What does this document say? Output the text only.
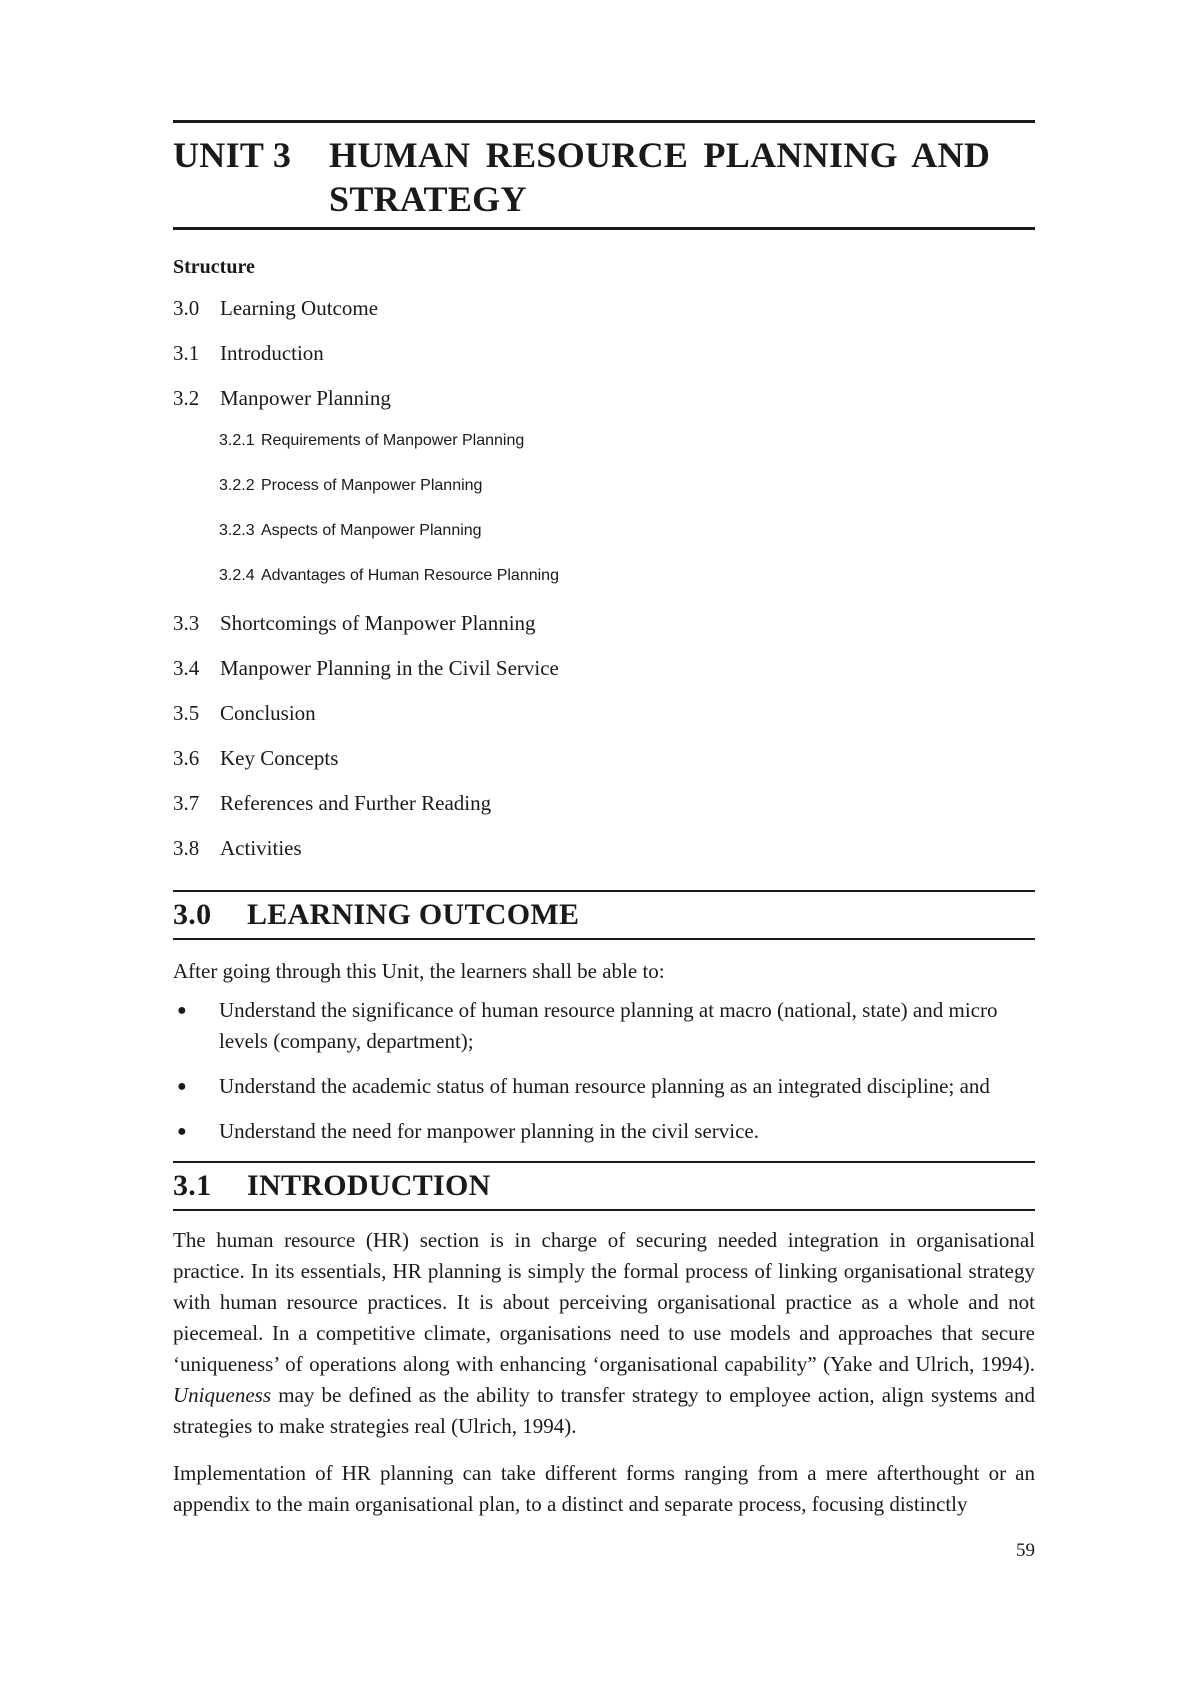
UNIT 3	HUMAN RESOURCE PLANNING AND STRATEGY
Structure
3.0 Learning Outcome
3.1 Introduction
3.2 Manpower Planning
3.2.1 Requirements of Manpower Planning
3.2.2 Process of Manpower Planning
3.2.3 Aspects of Manpower Planning
3.2.4 Advantages of Human Resource Planning
3.3 Shortcomings of Manpower Planning
3.4 Manpower Planning in the Civil Service
3.5 Conclusion
3.6 Key Concepts
3.7 References and Further Reading
3.8 Activities
3.0	LEARNING OUTCOME

After going through this Unit, the learners shall be able to:

●	Understand the significance of human resource planning at macro (national, state) and micro levels (company, department);
●	Understand the academic status of human resource planning as an integrated discipline; and
●	Understand the need for manpower planning in the civil service.
3.1	INTRODUCTION

The human resource (HR) section is in charge of securing needed integration in organisational practice. In its essentials, HR planning is simply the formal process of linking organisational strategy with human resource practices. It is about perceiving organisational practice as a whole and not piecemeal. In a competitive climate, organisations need to use models and approaches that secure ‘uniqueness’ of operations along with enhancing ‘organisational capability” (Yake and Ulrich, 1994). Uniqueness may be defined as the ability to transfer strategy to employee action, align systems and strategies to make strategies real (Ulrich, 1994).

Implementation of HR planning can take different forms ranging from a mere afterthought or an appendix to the main organisational plan, to a distinct and separate process, focusing distinctly

59
